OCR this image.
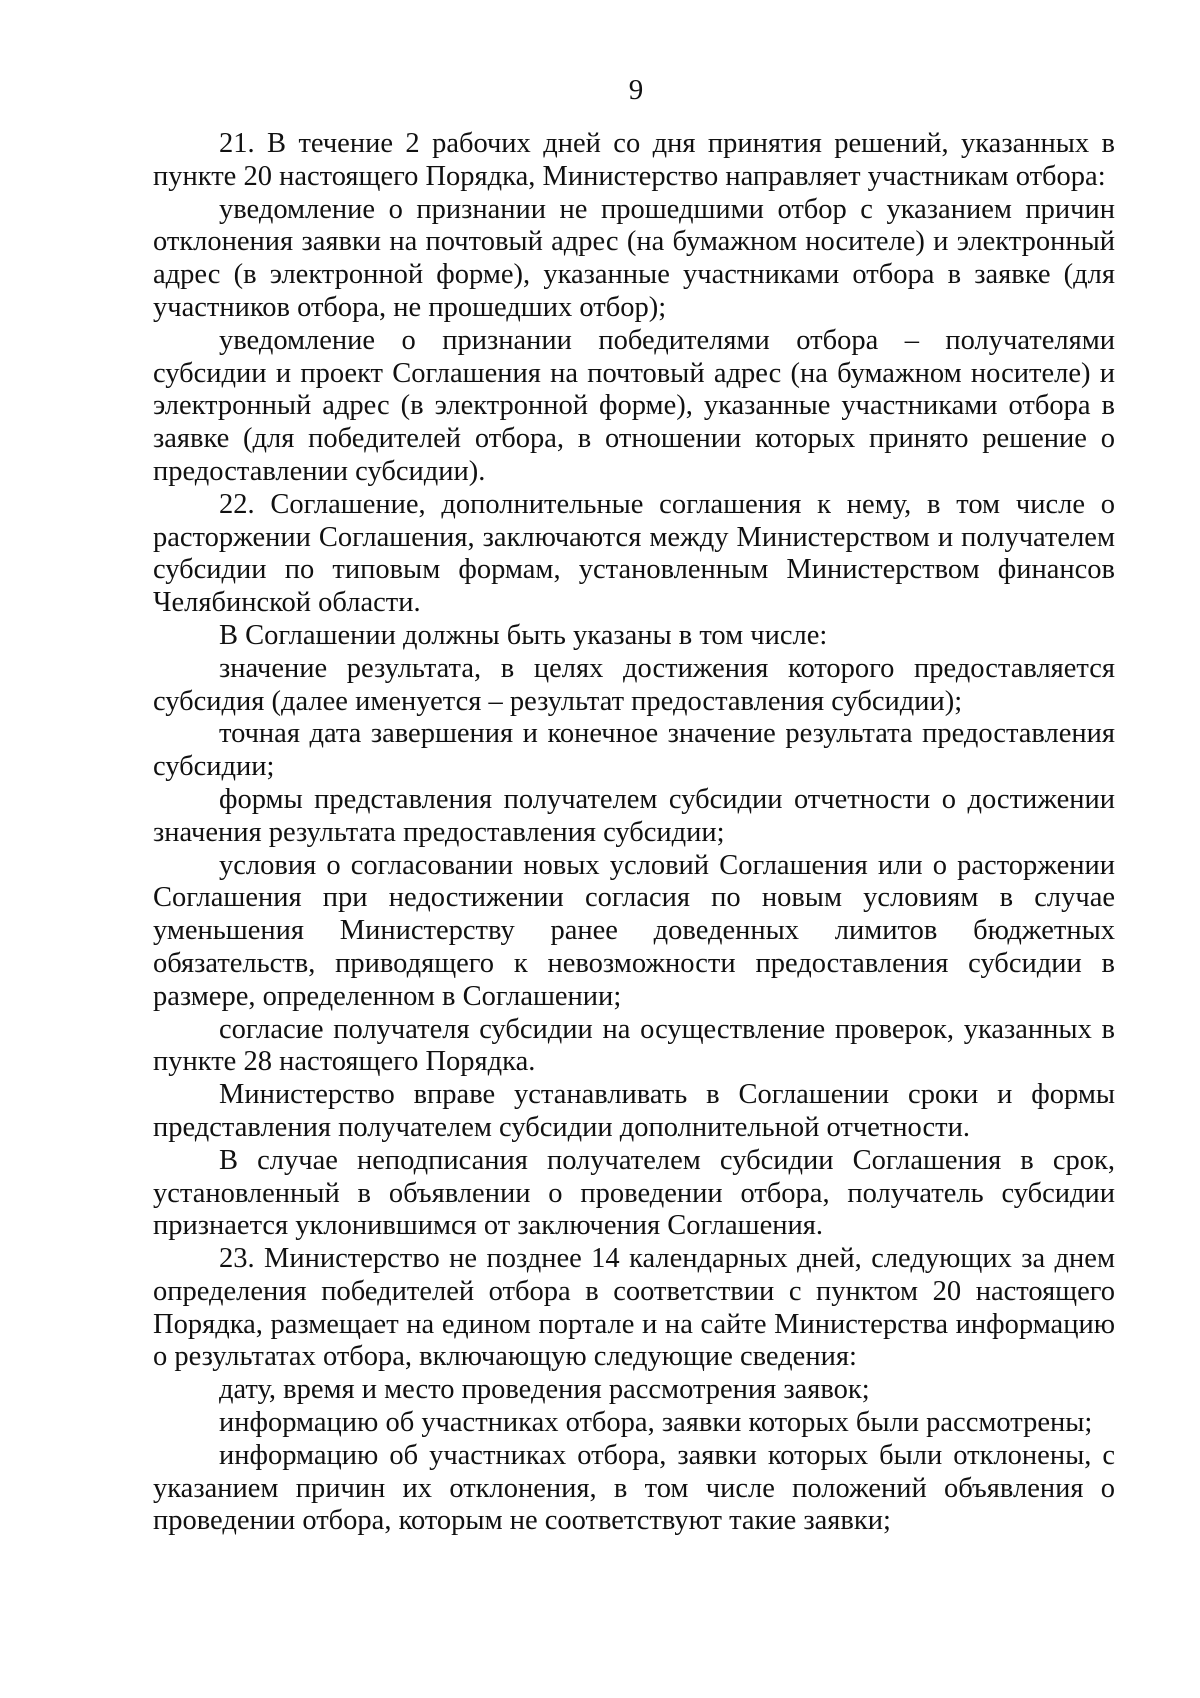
9

21. В течение 2 рабочих дней со дня принятия решений, указанных в пункте 20 настоящего Порядка, Министерство направляет участникам отбора:

уведомление о признании не прошедшими отбор с указанием причин отклонения заявки на почтовый адрес (на бумажном носителе) и электронный адрес (в электронной форме), указанные участниками отбора в заявке (для участников отбора, не прошедших отбор);

уведомление о признании победителями отбора – получателями субсидии и проект Соглашения на почтовый адрес (на бумажном носителе) и электронный адрес (в электронной форме), указанные участниками отбора в заявке (для победителей отбора, в отношении которых принято решение о предоставлении субсидии).

22. Соглашение, дополнительные соглашения к нему, в том числе о расторжении Соглашения, заключаются между Министерством и получателем субсидии по типовым формам, установленным Министерством финансов Челябинской области.

В Соглашении должны быть указаны в том числе:

значение результата, в целях достижения которого предоставляется субсидия (далее именуется – результат предоставления субсидии);

точная дата завершения и конечное значение результата предоставления субсидии;

формы представления получателем субсидии отчетности о достижении значения результата предоставления субсидии;

условия о согласовании новых условий Соглашения или о расторжении Соглашения при недостижении согласия по новым условиям в случае уменьшения Министерству ранее доведенных лимитов бюджетных обязательств, приводящего к невозможности предоставления субсидии в размере, определенном в Соглашении;

согласие получателя субсидии на осуществление проверок, указанных в пункте 28 настоящего Порядка.

Министерство вправе устанавливать в Соглашении сроки и формы представления получателем субсидии дополнительной отчетности.

В случае неподписания получателем субсидии Соглашения в срок, установленный в объявлении о проведении отбора, получатель субсидии признается уклонившимся от заключения Соглашения.

23. Министерство не позднее 14 календарных дней, следующих за днем определения победителей отбора в соответствии с пунктом 20 настоящего Порядка, размещает на едином портале и на сайте Министерства информацию о результатах отбора, включающую следующие сведения:

дату, время и место проведения рассмотрения заявок;

информацию об участниках отбора, заявки которых были рассмотрены;

информацию об участниках отбора, заявки которых были отклонены, с указанием причин их отклонения, в том числе положений объявления о проведении отбора, которым не соответствуют такие заявки;
